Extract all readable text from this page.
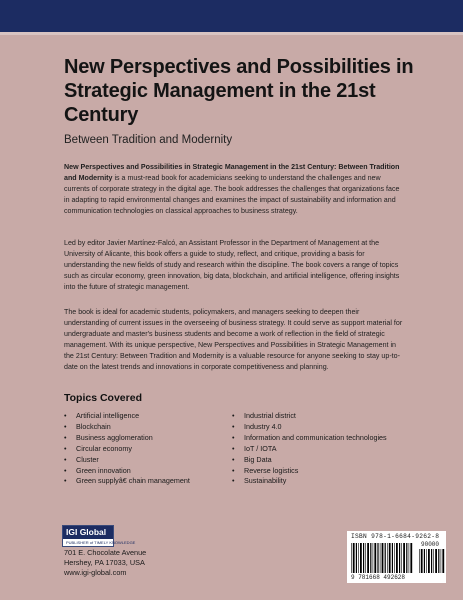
New Perspectives and Possibilities in Strategic Management in the 21st Century
Between Tradition and Modernity

New Perspectives and Possibilities in Strategic Management in the 21st Century: Between Tradition and Modernity is a must-read book for academicians seeking to understand the challenges and new currents of corporate strategy in the digital age. The book addresses the challenges that organizations face in adapting to rapid environmental changes and examines the impact of sustainability and information and communication technologies on classical approaches to business strategy.

Led by editor Javier Martínez-Falcó, an Assistant Professor in the Department of Management at the University of Alicante, this book offers a guide to study, reflect, and critique, providing a basis for understanding the new fields of study and research within the discipline. The book covers a range of topics such as circular economy, green innovation, big data, blockchain, and artificial intelligence, offering insights into the future of strategic management.

The book is ideal for academic students, policymakers, and managers seeking to deepen their understanding of current issues in the overseeing of business strategy. It could serve as support material for undergraduate and master's business students and become a work of reflection in the field of strategic management. With its unique perspective, New Perspectives and Possibilities in Strategic Management in the 21st Century: Between Tradition and Modernity is a valuable resource for anyone seeking to stay up-to-date on the latest trends and innovations in corporate competitiveness and planning.

Topics Covered
• Artificial intelligence
• Blockchain
• Business agglomeration
• Circular economy
• Cluster
• Green innovation
• Green supplyâ€ chain management
• Industrial district
• Industry 4.0
• Information and communication technologies
• IoT / IOTA
• Big Data
• Reverse logistics
• Sustainability
IGI Global
PUBLISHER of TIMELY KNOWLEDGE
701 E. Chocolate Avenue
Hershey, PA 17033, USA
www.igi-global.com
ISBN 978-1-6684-9262-8
90000
9 781668 492628
